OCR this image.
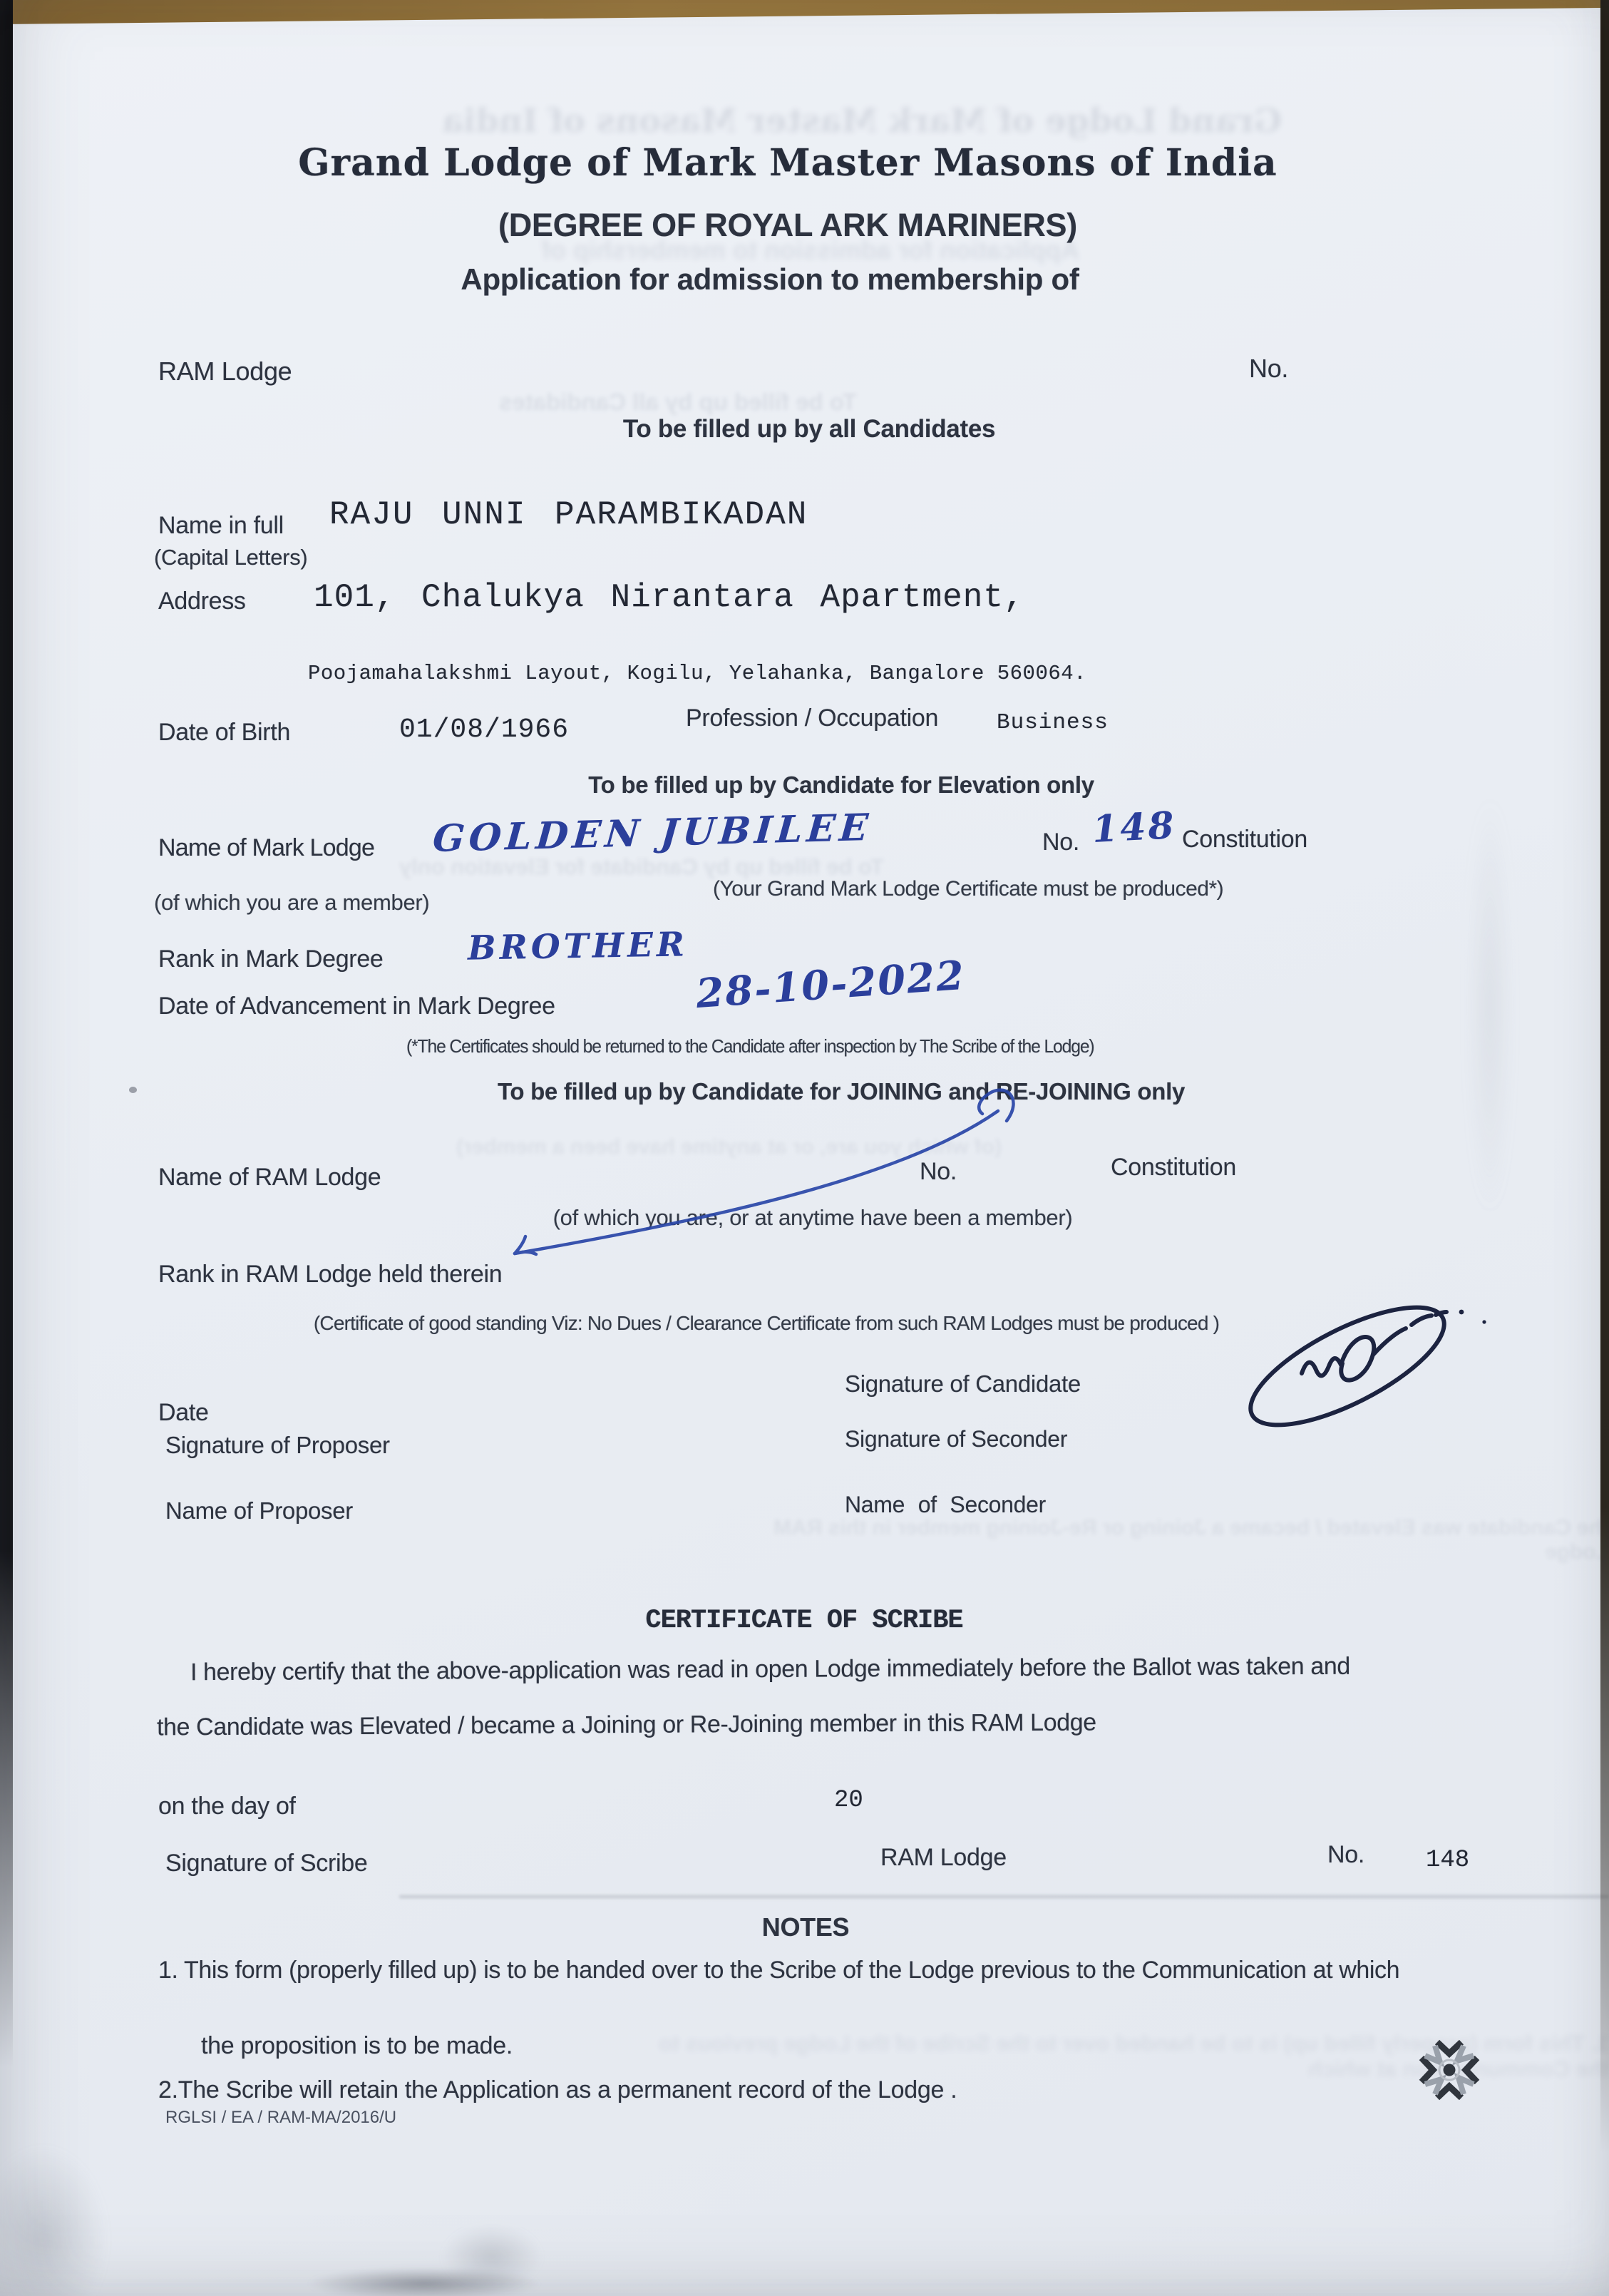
Grand Lodge of Mark Master Masons of India
(DEGREE OF ROYAL ARK MARINERS)
Application for admission to membership of
RAM Lodge	No.
To be filled up by all Candidates
Name in full RAJU UNNI PARAMBIKADAN
(Capital Letters)
Address 101, Chalukya Nirantara Apartment,
Poojamahalakshmi Layout, Kogilu, Yelahanka, Bangalore 560064.
Date of Birth	01/08/1966	Profession / Occupation	Business
To be filled up by Candidate for Elevation only
Name of Mark Lodge GOLDEN JUBILEE	No. 148 Constitution
(of which you are a member)
(Your Grand Mark Lodge Certificate must be produced*)
Rank in Mark Degree	BROTHER
Date of Advancement in Mark Degree	28-10-2022
(*The Certificates should be returned to the Candidate after inspection by The Scribe of the Lodge)
To be filled up by Candidate for JOINING and RE-JOINING only
Name of RAM Lodge	No.	Constitution
(of which you are, or at anytime have been a member)
Rank in RAM Lodge held therein
(Certificate of good standing Viz: No Dues / Clearance Certificate from such RAM Lodges must be produced )
Signature of Candidate
Date
Signature of Proposer	Signature of Seconder
Name of Proposer	Name of Seconder
CERTIFICATE OF SCRIBE
I hereby certify that the above-application was read in open Lodge immediately before the Ballot was taken and
the Candidate was Elevated / became a Joining or Re-Joining member in this RAM Lodge
on the day of	20
Signature of Scribe	RAM Lodge	No.	148
NOTES
1. This form (properly filled up) is to be handed over to the Scribe of the Lodge previous to the Communication at which
the proposition is to be made.
2.The Scribe will retain the Application as a permanent record of the Lodge .
RGLSI / EA / RAM-MA/2016/U
